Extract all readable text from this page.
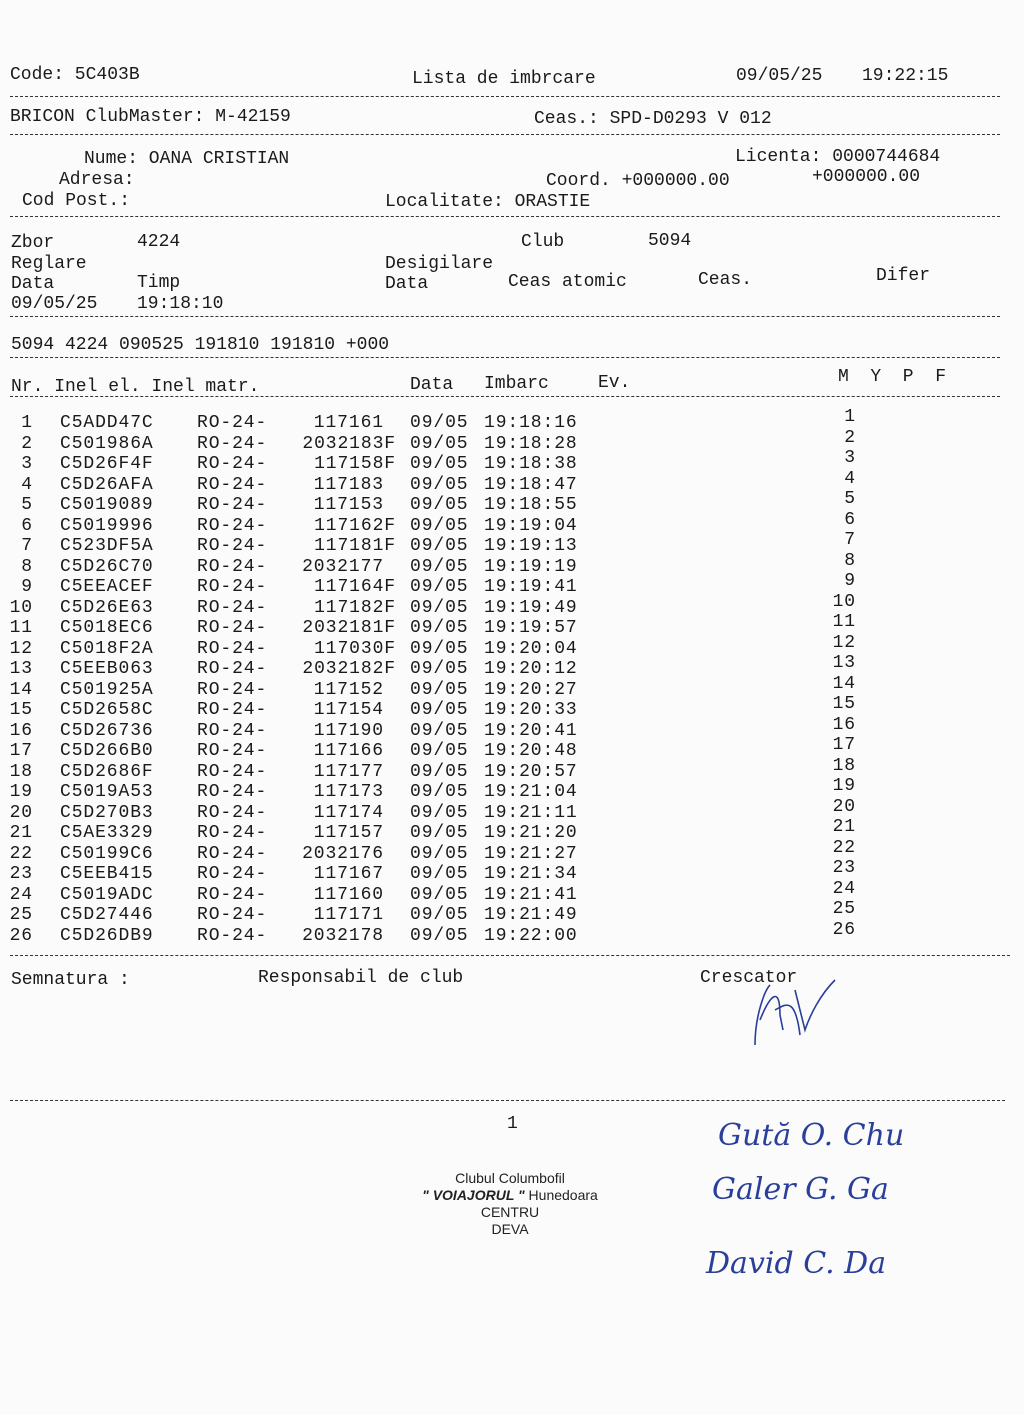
Code: 5C403B	Lista de imbrcare	09/05/25 19:22:15
BRICON ClubMaster: M-42159	Ceas.: SPD-D0293 V 012
Nume: OANA CRISTIAN	Licenta: 0000744684
Adresa:	Coord. +000000.00	+000000.00
Cod Post.:	Localitate: ORASTIE
Zbor	4224	Club	5094
Reglare	Desigilare
Data	Timp	Data	Ceas atomic	Ceas.	Difer
09/05/25 19:18:10
5094 4224 090525 191810 191810 +000
Nr. Inel el. Inel matr.	Data Imbarc	Ev.	M  Y  P  F
1 C5ADD47C RO-24-	117161	09/05 19:18:16	1
2 C501986A RO-24-	2032183F 09/05 19:18:28	2
3 C5D26F4F RO-24-	117158F 09/05 19:18:38	3
4 C5D26AFA RO-24-	117183	09/05 19:18:47	4
5 C5019089 RO-24-	117153	09/05 19:18:55	5
6 C5019996 RO-24-	117162F 09/05 19:19:04	6
7 C523DF5A RO-24-	117181F 09/05 19:19:13	7
8 C5D26C70 RO-24-	2032177	09/05 19:19:19	8
9 C5EEACEF RO-24-	117164F 09/05 19:19:41	9
10 C5D26E63 RO-24-	117182F 09/05 19:19:49	10
11 C5018EC6 RO-24-	2032181F 09/05 19:19:57	11
12 C5018F2A RO-24-	117030F 09/05 19:20:04	12
13 C5EEB063 RO-24-	2032182F 09/05 19:20:12	13
14 C501925A RO-24-	117152	09/05 19:20:27	14
15 C5D2658C RO-24-	117154	09/05 19:20:33	15
16 C5D26736 RO-24-	117190	09/05 19:20:41	16
17 C5D266B0 RO-24-	117166	09/05 19:20:48	17
18 C5D2686F RO-24-	117177	09/05 19:20:57	18
19 C5019A53 RO-24-	117173	09/05 19:21:04	19
20 C5D270B3 RO-24-	117174	09/05 19:21:11	20
21 C5AE3329 RO-24-	117157	09/05 19:21:20	21
22 C50199C6 RO-24-	2032176	09/05 19:21:27	22
23 C5EEB415 RO-24-	117167	09/05 19:21:34	23
24 C5019ADC RO-24-	117160	09/05 19:21:41	24
25 C5D27446 RO-24-	117171	09/05 19:21:49	25
26 C5D26DB9 RO-24-	2032178	09/05 19:22:00	26
Semnatura :	Responsabil de club	Crescator
1
Clubul Columbofil
" VOIAJORUL " Hunedoara
CENTRU
DEVA
Gută O. Chu
Galer G. Ga
David C. Da
